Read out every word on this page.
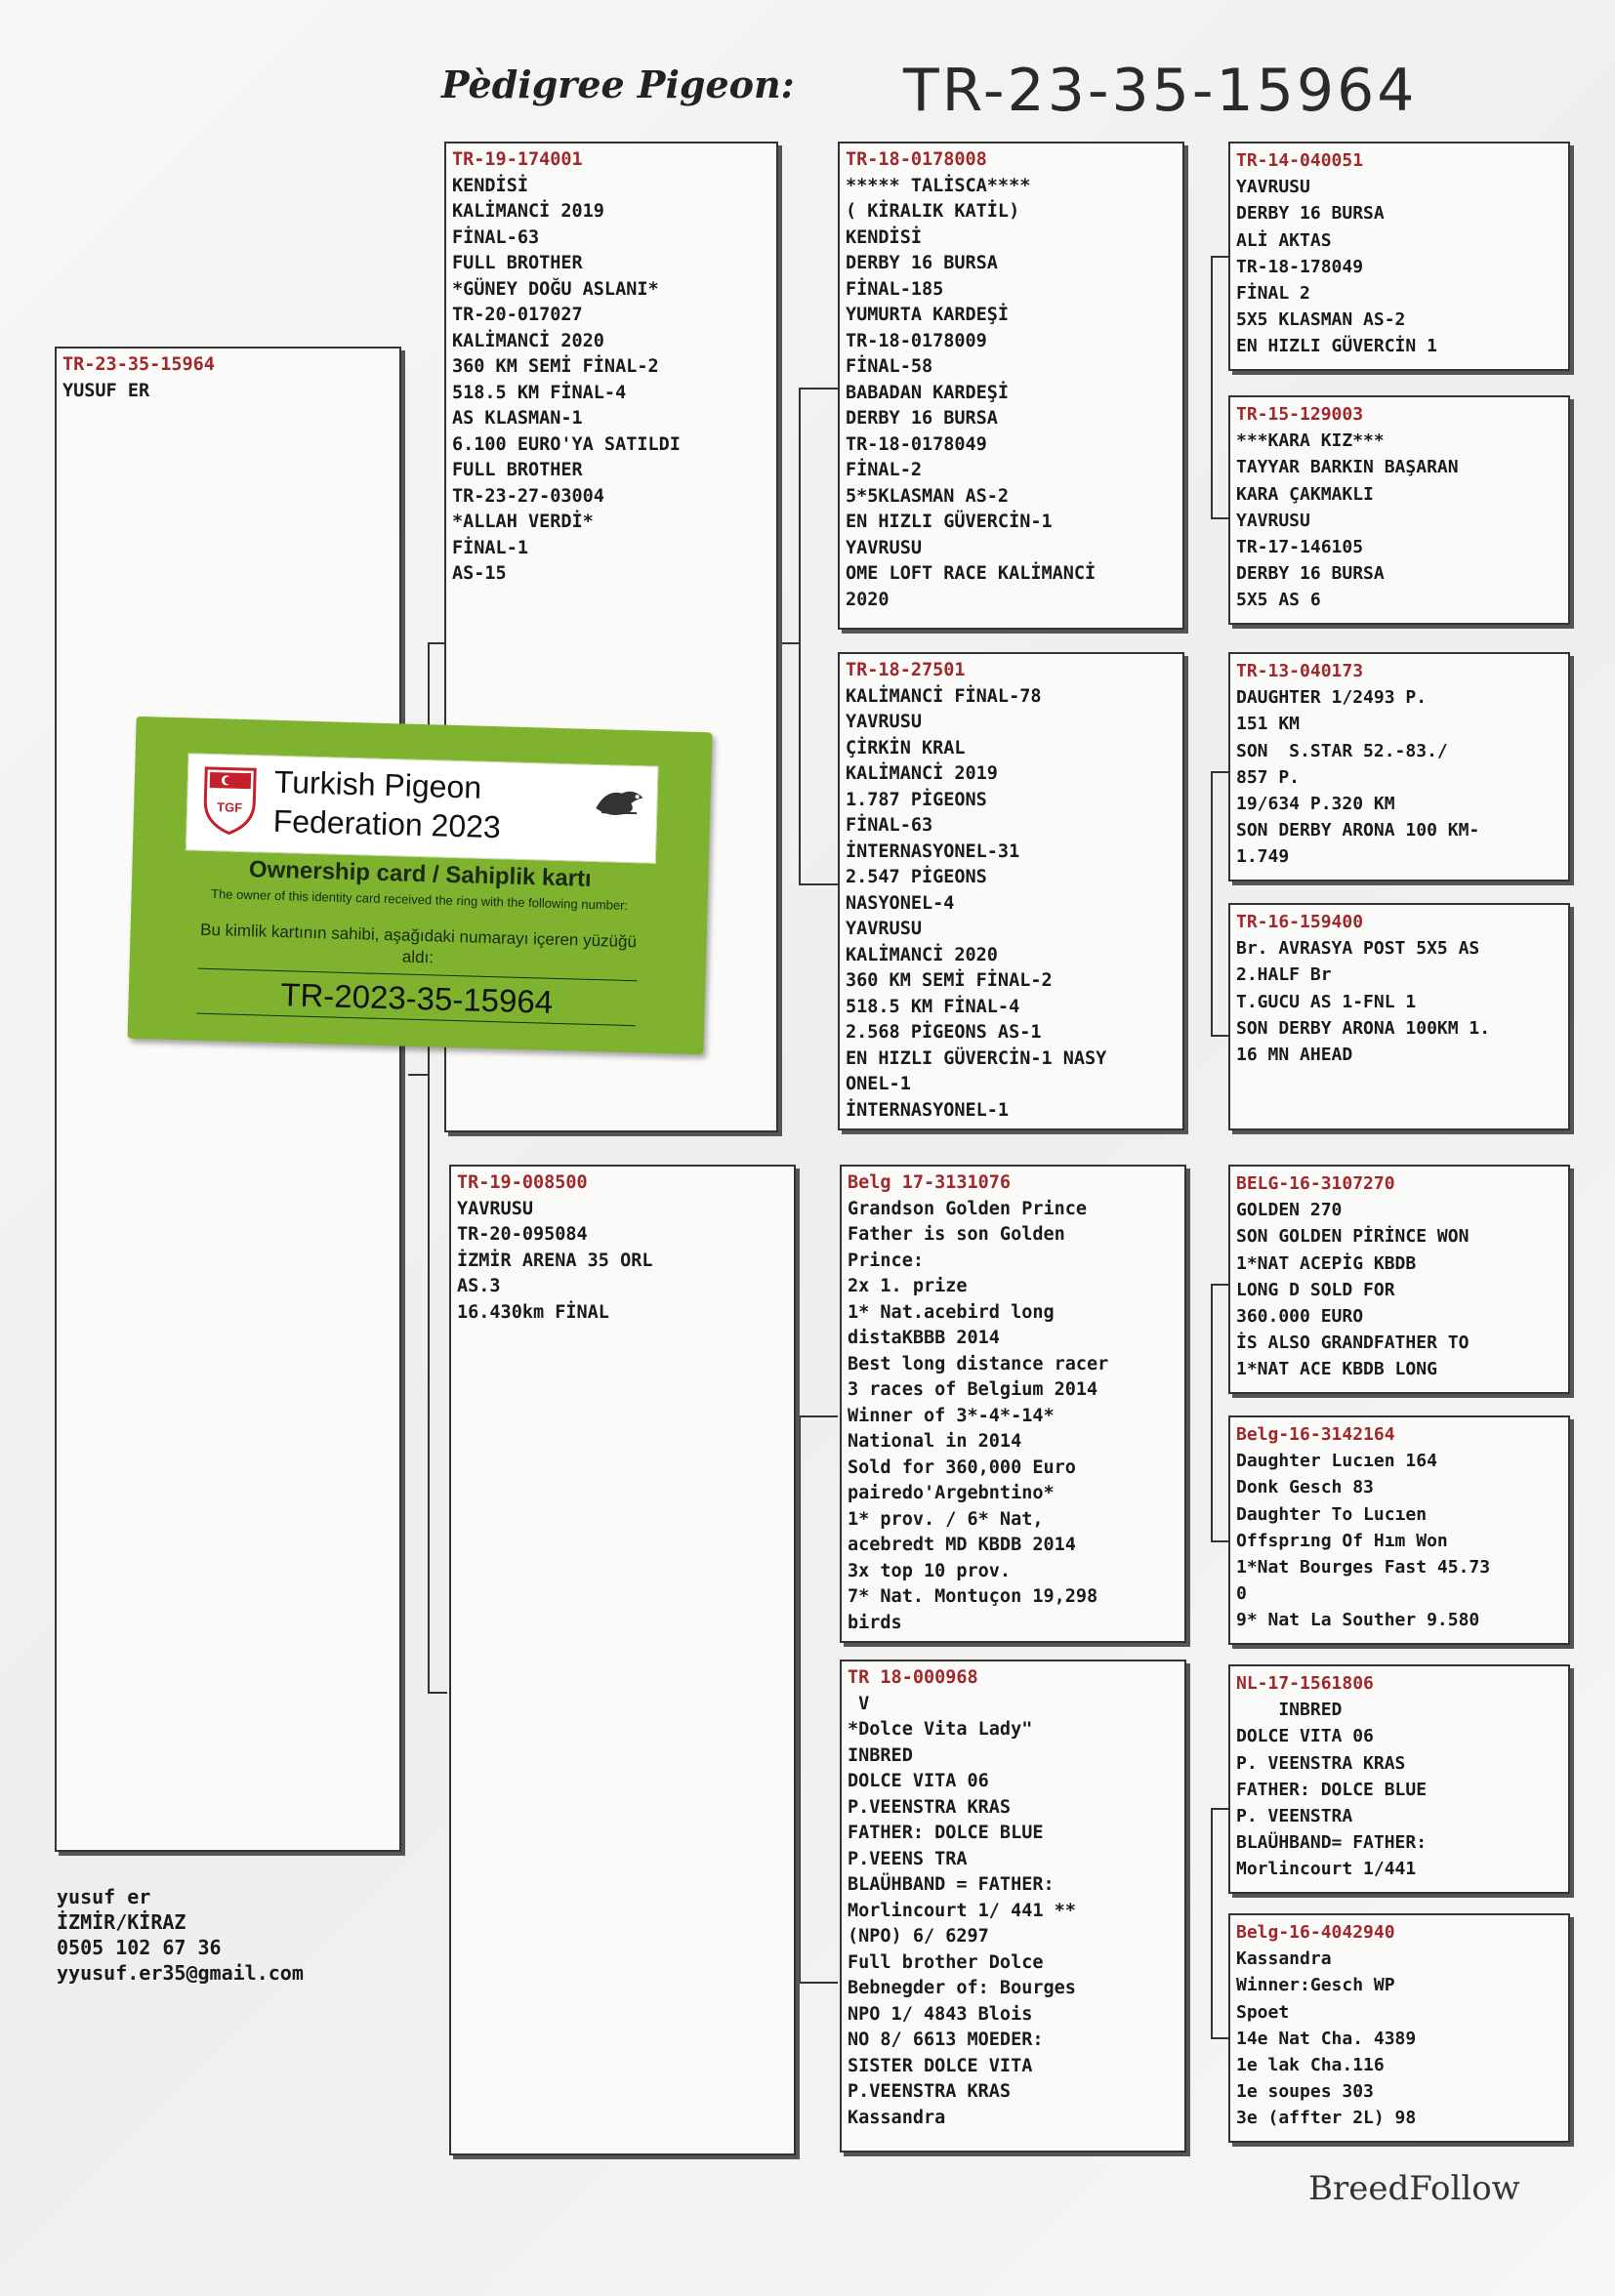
Pèdigree Pigeon: TR-23-35-15964
TR-23-35-15964
YUSUF ER
TR-19-174001
KENDİSİ
KALİMANCİ 2019
FİNAL-63
FULL BROTHER
*GÜNEY DOĞU ASLANI*
TR-20-017027
KALİMANCİ 2020
360 KM SEMİ FİNAL-2
518.5 KM FİNAL-4
AS KLASMAN-1
6.100 EURO'YA SATILDI
FULL BROTHER
TR-23-27-03004
*ALLAH VERDİ*
FİNAL-1
AS-15
TR-19-008500
YAVRUSU
TR-20-095084
İZMİR ARENA 35 ORL
AS.3
16.430km FİNAL
TR-18-0178008
***** TALİSCA****
( KİRALIK KATİL)
KENDİSİ
DERBY 16 BURSA
FİNAL-185
YUMURTA KARDEŞİ
TR-18-0178009
FİNAL-58
BABADAN KARDEŞİ
DERBY 16 BURSA
TR-18-0178049
FİNAL-2
5*5KLASMAN AS-2
EN HIZLI GÜVERCİN-1
YAVRUSU
OME LOFT RACE KALİMANCİ
2020
TR-18-27501
KALİMANCİ FİNAL-78
YAVRUSU
ÇİRKİN KRAL
KALİMANCİ 2019
1.787 PİGEONS
FİNAL-63
İNTERNASYONEL-31
2.547 PİGEONS
NASYONEL-4
YAVRUSU
KALİMANCİ 2020
360 KM SEMİ FİNAL-2
518.5 KM FİNAL-4
2.568 PİGEONS AS-1
EN HIZLI GÜVERCİN-1 NASY
ONEL-1
İNTERNASYONEL-1
Belg 17-3131076
Grandson Golden Prince
Father is son Golden
Prince:
2x 1. prize
1* Nat.acebird long
distaKBBB 2014
Best long distance racer
3 races of Belgium 2014
Winner of 3*-4*-14*
National in 2014
Sold for 360,000 Euro
pairedo'Argebntino*
1* prov. / 6* Nat,
acebredt MD KBDB 2014
3x top 10 prov.
7* Nat. Montuçon 19,298
birds
TR 18-000968
V
*Dolce Vita Lady"
INBRED
DOLCE VITA 06
P.VEENSTRA KRAS
FATHER: DOLCE BLUE
P.VEENS TRA
BLAÜHBAND = FATHER:
Morlincourt 1/ 441 **
(NPO) 6/ 6297
Full brother Dolce
Bebnegder of: Bourges
NPO 1/ 4843 Blois
NO 8/ 6613 MOEDER:
SISTER DOLCE VITA
P.VEENSTRA KRAS
Kassandra
TR-14-040051
YAVRUSU
DERBY 16 BURSA
ALİ AKTAS
TR-18-178049
FİNAL 2
5X5 KLASMAN AS-2
EN HIZLI GÜVERCİN 1
TR-15-129003
***KARA KIZ***
TAYYAR BARKIN BAŞARAN
KARA ÇAKMAKLI
YAVRUSU
TR-17-146105
DERBY 16 BURSA
5X5 AS 6
TR-13-040173
DAUGHTER 1/2493 P.
151 KM
SON  S.STAR 52.-83./
857 P.
19/634 P.320 KM
SON DERBY ARONA 100 KM-
1.749
TR-16-159400
Br. AVRASYA POST 5X5 AS
2.HALF Br
T.GUCU AS 1-FNL 1
SON DERBY ARONA 100KM 1.
16 MN AHEAD
BELG-16-3107270
GOLDEN 270
SON GOLDEN PİRİNCE WON
1*NAT ACEPİG KBDB
LONG D SOLD FOR
360.000 EURO
İS ALSO GRANDFATHER TO
1*NAT ACE KBDB LONG
Belg-16-3142164
Daughter Lucıen 164
Donk Gesch 83
Daughter To Lucıen
Offsprıng Of Hım Won
1*Nat Bourges Fast 45.73
0
9* Nat La Souther 9.580
NL-17-1561806
INBRED
DOLCE VITA 06
P. VEENSTRA KRAS
FATHER: DOLCE BLUE
P. VEENSTRA
BLAÜHBAND= FATHER:
Morlincourt 1/441
Belg-16-4042940
Kassandra
Winner:Gesch WP
Spoet
14e Nat Cha. 4389
1e lak Cha.116
1e soupes 303
3e (affter 2L) 98
yusuf er
İZMİR/KİRAZ
0505 102 67 36
yyusuf.er35@gmail.com
BreedFollow
TGF
Turkish Pigeon
Federation 2023
Ownership card / Sahiplik kartı
The owner of this identity card received the ring with the following number:
Bu kimlik kartının sahibi, aşağıdaki numarayı içeren yüzüğü aldı:
TR-2023-35-15964
